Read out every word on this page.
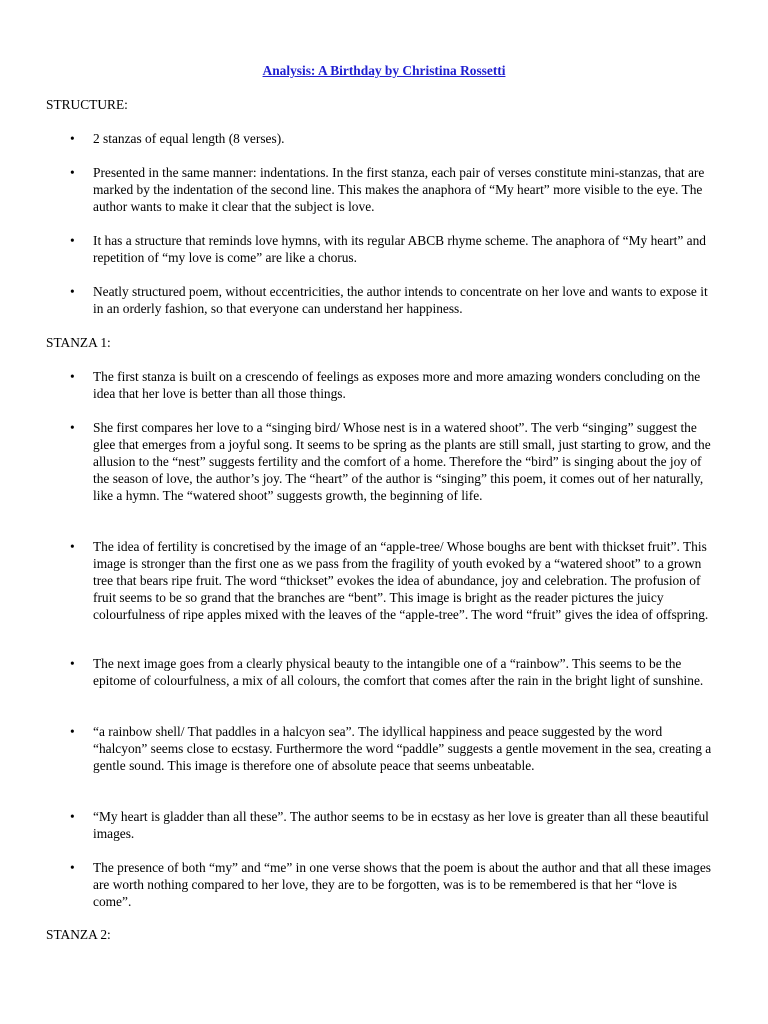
Analysis: A Birthday by Christina Rossetti
STRUCTURE:

• 2 stanzas of equal length (8 verses).

• Presented in the same manner: indentations. In the first stanza, each pair of verses constitute mini-stanzas, that are marked by the indentation of the second line. This makes the anaphora of “My heart” more visible to the eye. The author wants to make it clear that the subject is love.

• It has a structure that reminds love hymns, with its regular ABCB rhyme scheme. The anaphora of “My heart” and repetition of “my love is come” are like a chorus.

• Neatly structured poem, without eccentricities, the author intends to concentrate on her love and wants to expose it in an orderly fashion, so that everyone can understand her happiness.

STANZA 1:

• The first stanza is built on a crescendo of feelings as exposes more and more amazing wonders concluding on the idea that her love is better than all those things.

• She first compares her love to a “singing bird/ Whose nest is in a watered shoot”. The verb “singing” suggest the glee that emerges from a joyful song. It seems to be spring as the plants are still small, just starting to grow, and the allusion to the “nest” suggests fertility and the comfort of a home. Therefore the “bird” is singing about the joy of the season of love, the author’s joy. The “heart” of the author is “singing” this poem, it comes out of her naturally, like a hymn. The “watered shoot” suggests growth, the beginning of life.

• The idea of fertility is concretised by the image of an “apple-tree/ Whose boughs are bent with thickset fruit”. This image is stronger than the first one as we pass from the fragility of youth evoked by a “watered shoot” to a grown tree that bears ripe fruit. The word “thickset” evokes the idea of abundance, joy and celebration. The profusion of fruit seems to be so grand that the branches are “bent”. This image is bright as the reader pictures the juicy colourfulness of ripe apples mixed with the leaves of the “apple-tree”. The word “fruit” gives the idea of offspring.

• The next image goes from a clearly physical beauty to the intangible one of a “rainbow”. This seems to be the epitome of colourfulness, a mix of all colours, the comfort that comes after the rain in the bright light of sunshine.

• “a rainbow shell/ That paddles in a halcyon sea”. The idyllical happiness and peace suggested by the word “halcyon” seems close to ecstasy. Furthermore the word “paddle” suggests a gentle movement in the sea, creating a gentle sound. This image is therefore one of absolute peace that seems unbeatable.

• “My heart is gladder than all these”. The author seems to be in ecstasy as her love is greater than all these beautiful images.

• The presence of both “my” and “me” in one verse shows that the poem is about the author and that all these images are worth nothing compared to her love, they are to be forgotten, was is to be remembered is that her “love is come”.

STANZA 2:
